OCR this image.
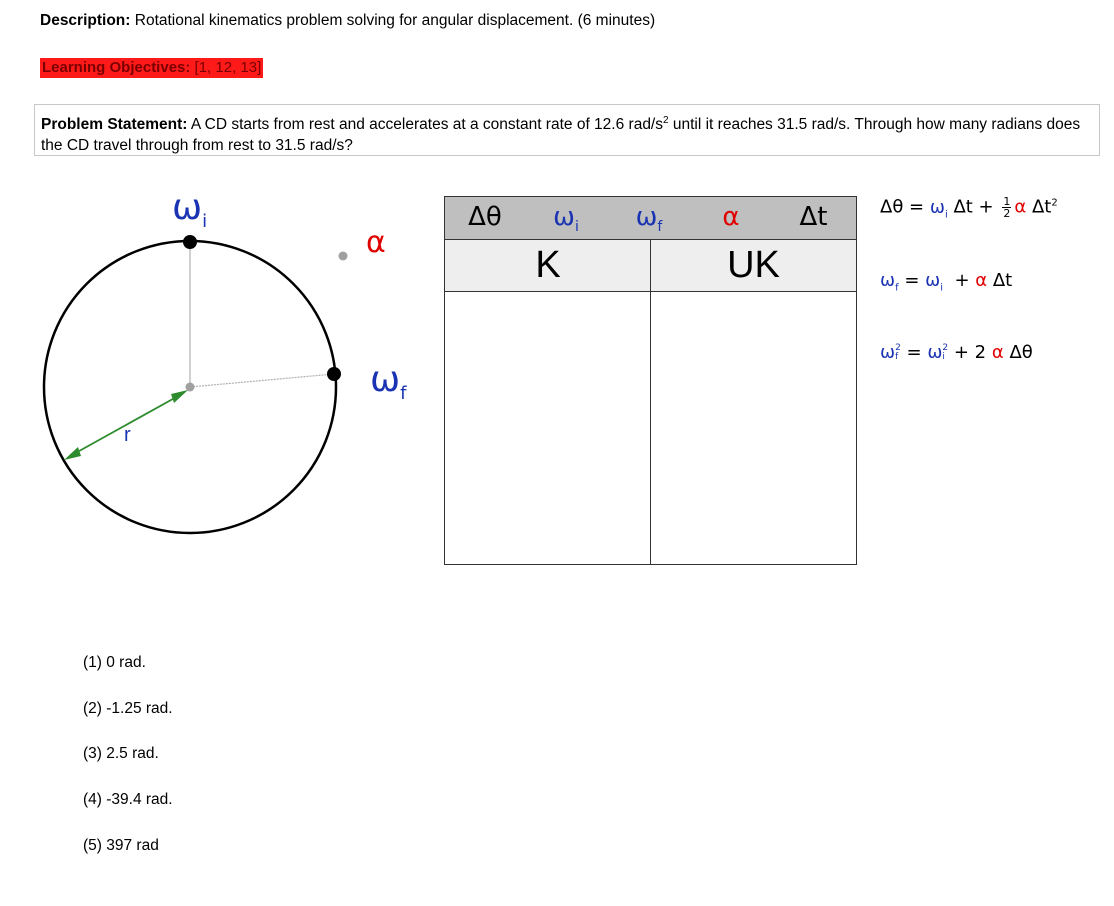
Description: Rotational kinematics problem solving for angular displacement. (6 minutes)
Learning Objectives: [1, 12, 13]
Problem Statement: A CD starts from rest and accelerates at a constant rate of 12.6 rad/$s^2$ until it reaches 31.5 rad/s. Through how many radians does the CD travel through from rest to 31.5 rad/s?
$\omega_i$
α
$\omega_f$
r
Δθ	$\omega_i$	$\omega_f$	α	Δt
K	UK
$\Delta\theta = \omega_i$ $\Delta t + \frac{1}{2}$ α $\Delta t^2$
$\omega_f = \omega_i + \alpha$ Δt
ω 2
f = ω 2
i + 2 α Δθ
(1) 0 rad.
(2) -1.25 rad.
(3) 2.5 rad.
(4) -39.4 rad.
(5) 397 rad
